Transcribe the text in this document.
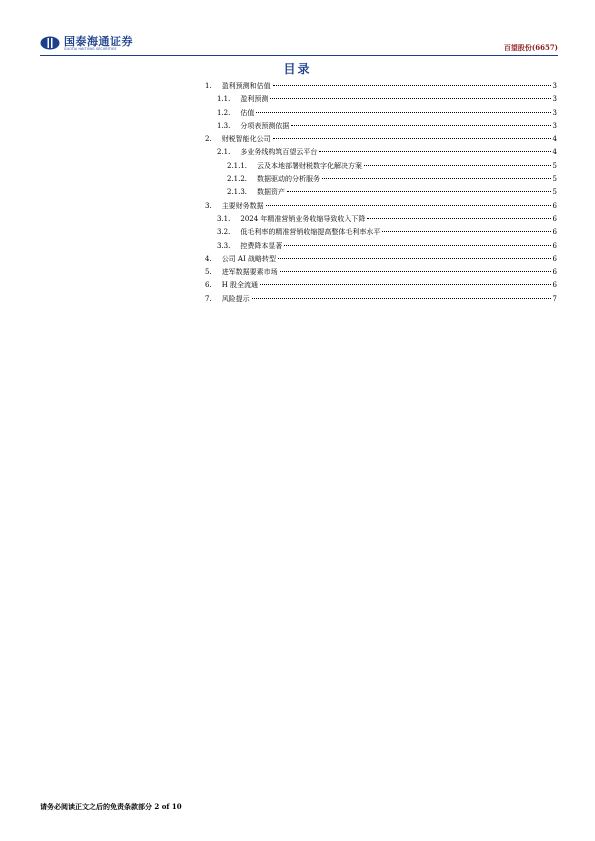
国泰海通证券
GUOTAI HAITONG SECURITIES	百望股份(6657)
目录
1. 盈利预测和估值	3
1.1. 盈利预测	3
1.2. 估值	3
1.3. 分项表预测依据	3
2. 财税智能化公司	4
2.1. 多业务线构筑百望云平台	4
2.1.1. 云及本地部署财税数字化解决方案	5
2.1.2. 数据驱动的分析服务	5
2.1.3. 数据资产	5
3. 主要财务数据	6
3.1. 2024 年精准营销业务收缩导致收入下降	6
3.2. 低毛利率的精准营销收缩提高整体毛利率水平	6
3.3. 控费降本显著	6
4. 公司 AI 战略转型	6
5. 进军数据要素市场	6
6. H 股全流通	6
7. 风险提示	7
请务必阅读正文之后的免责条款部分 2 of 10
